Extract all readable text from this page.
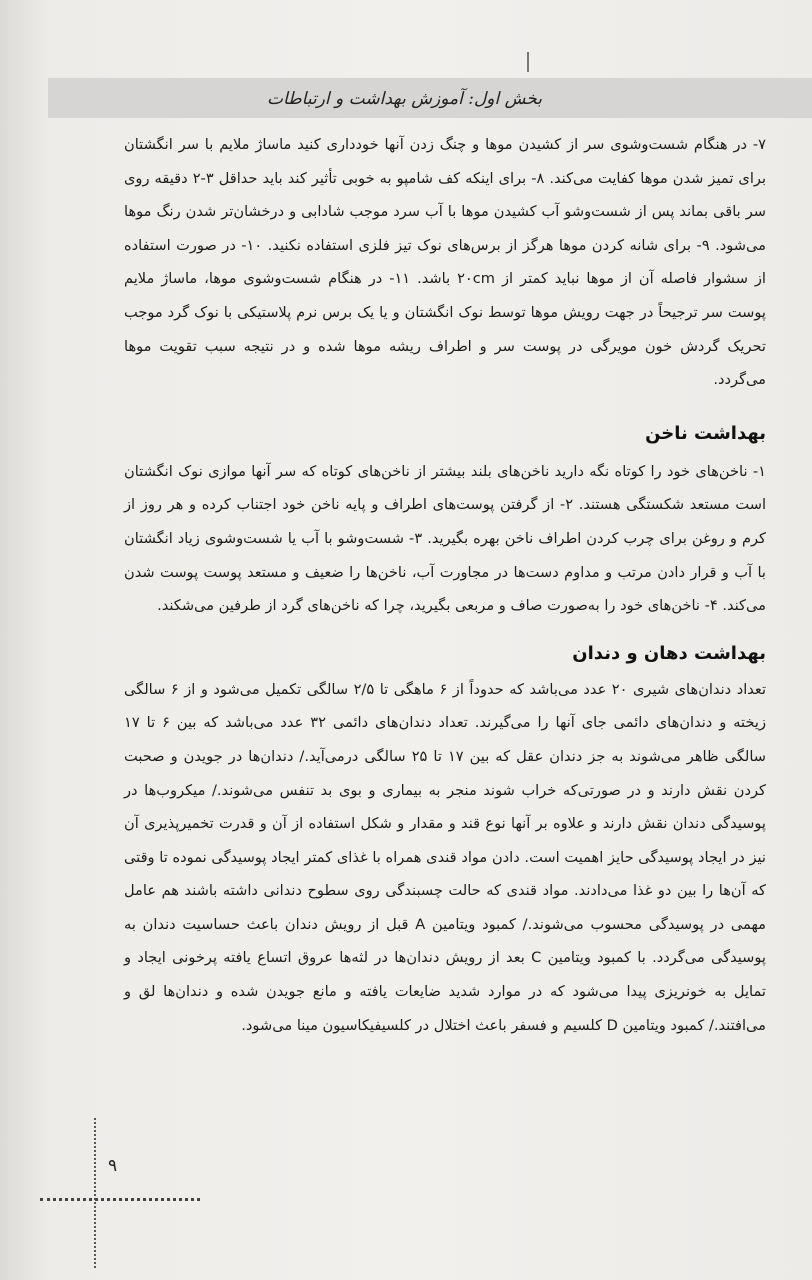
بخش اول: آموزش بهداشت و ارتباطات

۷- در هنگام شست‌وشوی سر از کشیدن موها و چنگ زدن آنها خودداری کنید ماساژ ملایم با سر انگشتان برای تمیز شدن موها کفایت می‌کند. ۸- برای اینکه کف شامپو به خوبی تأثیر کند باید حداقل ۳-۲ دقیقه روی سر باقی بماند پس از شست‌وشو آب کشیدن موها با آب سرد موجب شادابی و درخشان‌تر شدن رنگ موها می‌شود. ۹- برای شانه کردن موها هرگز از برس‌های نوک تیز فلزی استفاده نکنید. ۱۰- در صورت استفاده از سشوار فاصله آن از موها نباید کمتر از ۲۰cm باشد. ۱۱- در هنگام شست‌وشوی موها، ماساژ ملایم پوست سر ترجیحاً در جهت رویش موها توسط نوک انگشتان و یا یک برس نرم پلاستیکی با نوک گرد موجب تحریک گردش خون مویرگی در پوست سر و اطراف ریشه موها شده و در نتیجه سبب تقویت موها می‌گردد.

بهداشت ناخن

۱- ناخن‌های خود را کوتاه نگه دارید ناخن‌های بلند بیشتر از ناخن‌های کوتاه که سر آنها موازی نوک انگشتان است مستعد شکستگی هستند. ۲- از گرفتن پوست‌های اطراف و پایه ناخن خود اجتناب کرده و هر روز از کرم و روغن برای چرب کردن اطراف ناخن بهره بگیرید. ۳- شست‌وشو با آب یا شست‌وشوی زیاد انگشتان با آب و قرار دادن مرتب و مداوم دست‌ها در مجاورت آب، ناخن‌ها را ضعیف و مستعد پوست پوست شدن می‌کند. ۴- ناخن‌های خود را به‌صورت صاف و مربعی بگیرید، چرا که ناخن‌های گرد از طرفین می‌شکند.

بهداشت دهان و دندان

تعداد دندان‌های شیری ۲۰ عدد می‌باشد که حدوداً از ۶ ماهگی تا ۲/۵ سالگی تکمیل می‌شود و از ۶ سالگی زیخته و دندان‌های دائمی جای آنها را می‌گیرند. تعداد دندان‌های دائمی ۳۲ عدد می‌باشد که بین ۶ تا ۱۷ سالگی ظاهر می‌شوند به جز دندان عقل که بین ۱۷ تا ۲۵ سالگی درمی‌آید./ دندان‌ها در جویدن و صحبت کردن نقش دارند و در صورتی‌که خراب شوند منجر به بیماری و بوی بد تنفس می‌شوند./ میکروب‌ها در پوسیدگی دندان نقش دارند و علاوه بر آنها نوع قند و مقدار و شکل استفاده از آن و قدرت تخمیرپذیری آن نیز در ایجاد پوسیدگی حایز اهمیت است. دادن مواد قندی همراه با غذای کمتر ایجاد پوسیدگی نموده تا وقتی که آن‌ها را بین دو غذا می‌دادند. مواد قندی که حالت چسبندگی روی سطوح دندانی داشته باشند هم عامل مهمی در پوسیدگی محسوب می‌شوند./ کمبود ویتامین A قبل از رویش دندان باعث حساسیت دندان به پوسیدگی می‌گردد. با کمبود ویتامین C بعد از رویش دندان‌ها در لثه‌ها عروق اتساع یافته پرخونی ایجاد و تمایل به خونریزی پیدا می‌شود که در موارد شدید ضایعات یافته و مانع جویدن شده و دندان‌ها لق و می‌افتند./ کمبود ویتامین D کلسیم و فسفر باعث اختلال در کلسیفیکاسیون مینا می‌شود.

۹
